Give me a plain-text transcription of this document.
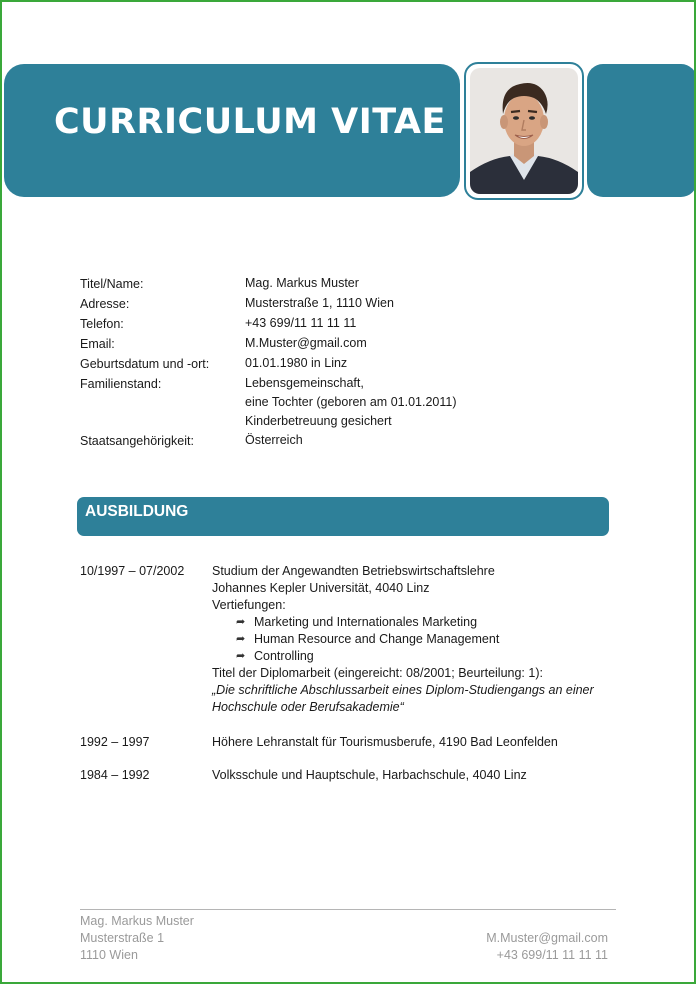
CURRICULUM VITAE
Titel/Name:	Mag. Markus Muster
Adresse:	Musterstraße 1, 1110 Wien
Telefon:	+43 699/11 11 11 11
Email:	M.Muster@gmail.com
Geburtsdatum und -ort:	01.01.1980 in Linz
Familienstand:	Lebensgemeinschaft,
eine Tochter (geboren am 01.01.2011)
Kinderbetreuung gesichert
Staatsangehörigkeit:	Österreich
AUSBILDUNG
10/1997 – 07/2002	Studium der Angewandten Betriebswirtschaftslehre
Johannes Kepler Universität, 4040 Linz
Vertiefungen:
➦ Marketing und Internationales Marketing
➦ Human Resource and Change Management
➦ Controlling
Titel der Diplomarbeit (eingereicht: 08/2001; Beurteilung: 1):
„Die schriftliche Abschlussarbeit eines Diplom-Studiengangs an einer
Hochschule oder Berufsakademie“
1992 – 1997	Höhere Lehranstalt für Tourismusberufe, 4190 Bad Leonfelden
1984 – 1992	Volksschule und Hauptschule, Harbachschule, 4040 Linz
Mag. Markus Muster
Musterstraße 1
1110 Wien
M.Muster@gmail.com
+43 699/11 11 11 11
